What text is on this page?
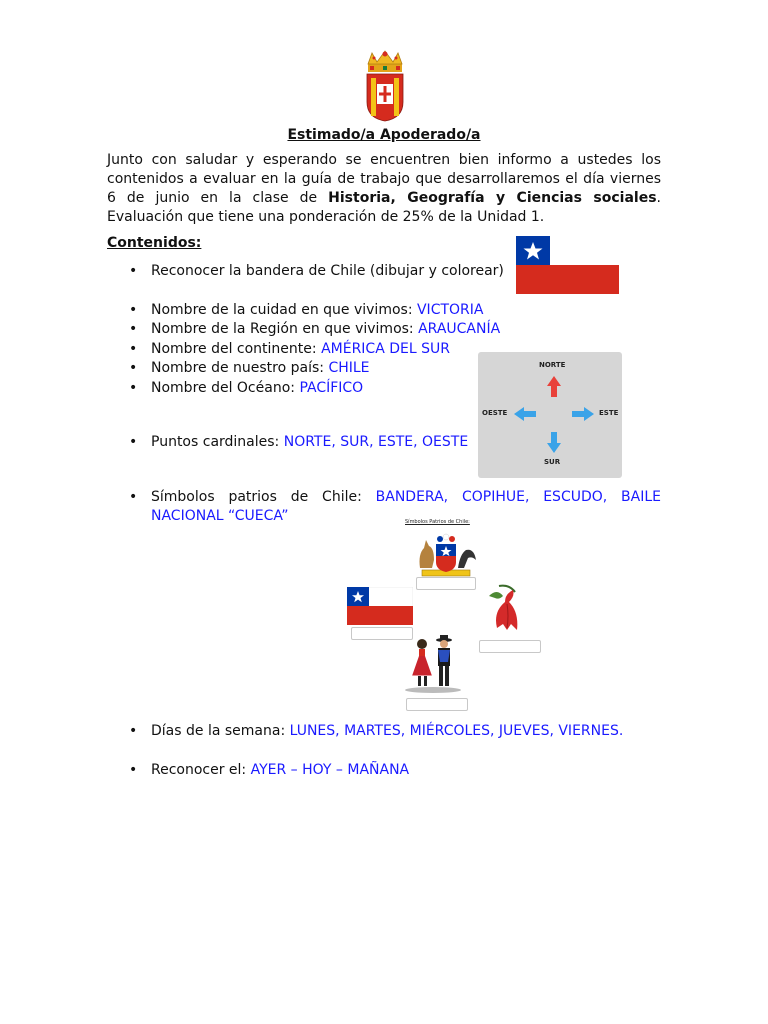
Estimado/a Apoderado/a
Junto con saludar y esperando se encuentren bien informo a ustedes los contenidos a evaluar en la guía de trabajo que desarrollaremos el día viernes 6 de junio en la clase de Historia, Geografía y Ciencias sociales. Evaluación que tiene una ponderación de 25% de la Unidad 1.
Contenidos:
• Reconocer la bandera de Chile (dibujar y colorear)
• Nombre de la cuidad en que vivimos: VICTORIA
• Nombre de la Región en que vivimos: ARAUCANÍA
• Nombre del continente: AMÉRICA DEL SUR
• Nombre de nuestro país: CHILE
• Nombre del Océano: PACÍFICO
NORTE
SUR
OESTE	ESTE
• Puntos cardinales: NORTE, SUR, ESTE, OESTE
• Símbolos patrios de Chile: BANDERA, COPIHUE, ESCUDO, BAILE NACIONAL “CUECA”	Símbolos Patrios de Chile:
• Días de la semana: LUNES, MARTES, MIÉRCOLES, JUEVES, VIERNES.
• Reconocer el: AYER – HOY – MAÑANA
